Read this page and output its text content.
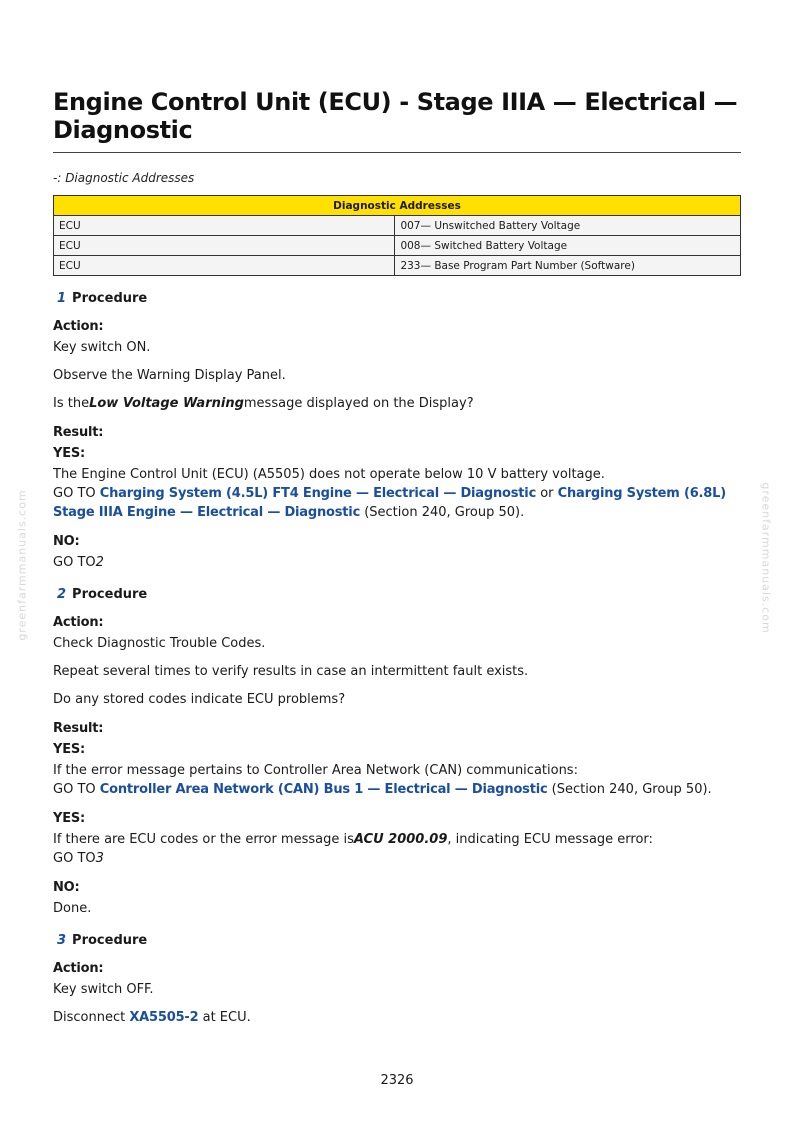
greenfarmmanuals.com	greenfarmmanuals.com
Engine Control Unit (ECU) - Stage IIIA — Electrical —
Diagnostic
-: Diagnostic Addresses
Diagnostic Addresses	
ECU	007— Unswitched Battery Voltage
ECU	008— Switched Battery Voltage
ECU	233— Base Program Part Number (Software)
1 Procedure
Action:
Key switch ON.
Observe the Warning Display Panel.
Is theLow Voltage Warningmessage displayed on the Display?
Result:
YES:
The Engine Control Unit (ECU) (A5505) does not operate below 10 V battery voltage.
GO TO Charging System (4.5L) FT4 Engine — Electrical — Diagnostic or Charging System (6.8L) Stage IIIA Engine — Electrical — Diagnostic (Section 240, Group 50).
NO:
GO TO2
2 Procedure
Action:
Check Diagnostic Trouble Codes.
Repeat several times to verify results in case an intermittent fault exists.
Do any stored codes indicate ECU problems?
Result:
YES:
If the error message pertains to Controller Area Network (CAN) communications:
GO TO Controller Area Network (CAN) Bus 1 — Electrical — Diagnostic (Section 240, Group 50).
YES:
If there are ECU codes or the error message isACU 2000.09, indicating ECU message error:
GO TO3
NO:
Done.
3 Procedure
Action:
Key switch OFF.
Disconnect XA5505-2 at ECU.
2326
